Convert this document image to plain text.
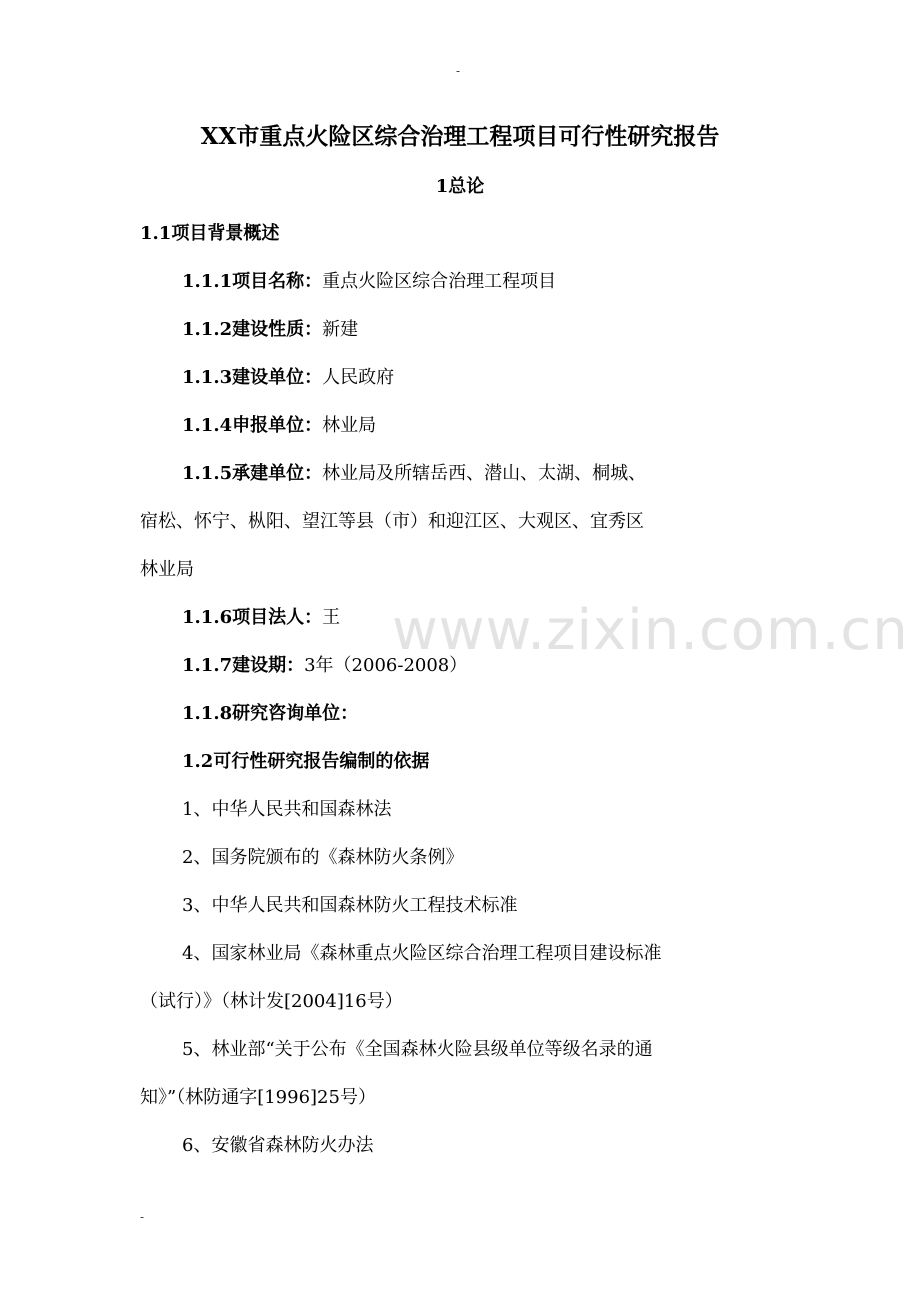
-
XX市重点火险区综合治理工程项目可行性研究报告
1总论
1.1项目背景概述
1.1.1项目名称：重点火险区综合治理工程项目
1.1.2建设性质：新建
1.1.3建设单位：人民政府
1.1.4申报单位：林业局
1.1.5承建单位：林业局及所辖岳西、潜山、太湖、桐城、
宿松、怀宁、枞阳、望江等县（市）和迎江区、大观区、宜秀区
林业局
www.zixin.com.cn
1.1.6项目法人：王
1.1.7建设期：3年（2006-2008）
1.1.8研究咨询单位：
1.2可行性研究报告编制的依据
1、中华人民共和国森林法
2、国务院颁布的《森林防火条例》
3、中华人民共和国森林防火工程技术标准
4、国家林业局《森林重点火险区综合治理工程项目建设标准
（试行）》（林计发[2004]16号）
5、林业部“关于公布《全国森林火险县级单位等级名录的通
知》”（林防通字[1996]25号）
6、安徽省森林防火办法
-
